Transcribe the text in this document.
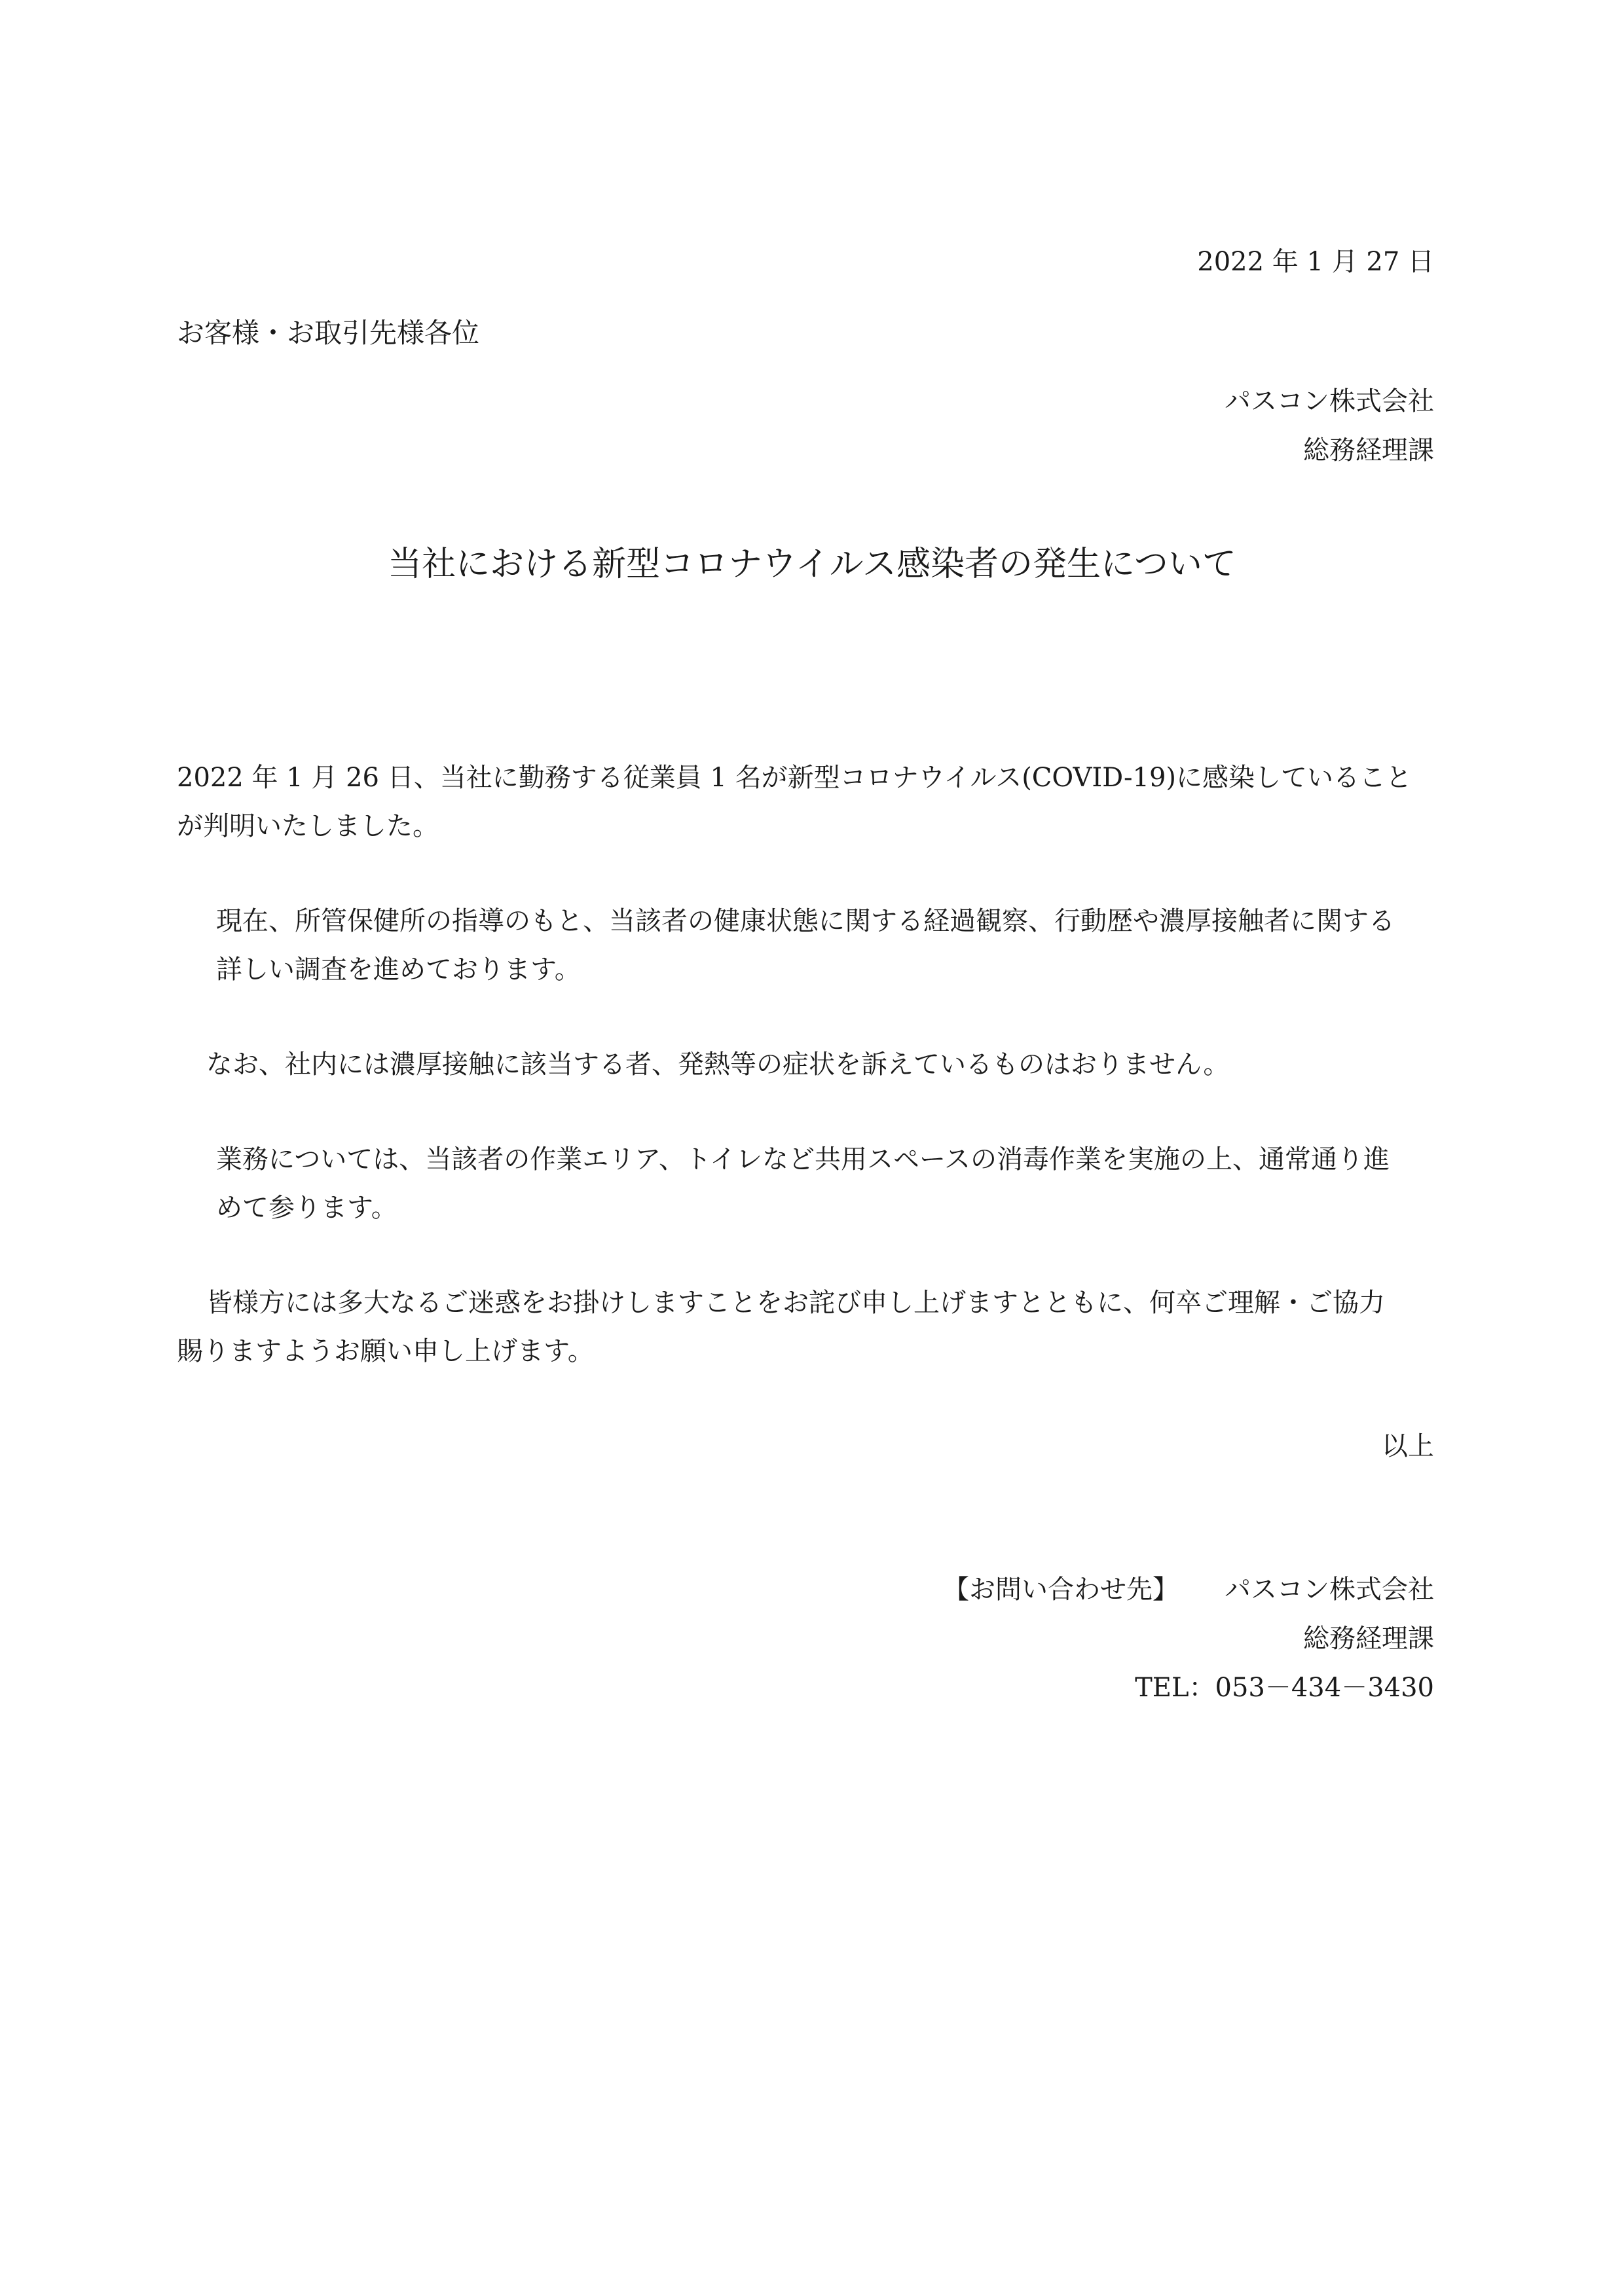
2022 年 1 月 27 日
お客様・お取引先様各位
パスコン株式会社
総務経理課
当社における新型コロナウイルス感染者の発生について
2022 年 1 月 26 日、当社に勤務する従業員 1 名が新型コロナウイルス(COVID-19)に感染していること
が判明いたしました。
現在、所管保健所の指導のもと、当該者の健康状態に関する経過観察、行動歴や濃厚接触者に関する
詳しい調査を進めております。
なお、社内には濃厚接触に該当する者、発熱等の症状を訴えているものはおりません。
業務については、当該者の作業エリア、トイレなど共用スペースの消毒作業を実施の上、通常通り進
めて参ります。
皆様方には多大なるご迷惑をお掛けしますことをお詫び申し上げますとともに、何卒ご理解・ご協力
賜りますようお願い申し上げます。
以上
【お問い合わせ先】 パスコン株式会社
総務経理課
TEL：053－434－3430
